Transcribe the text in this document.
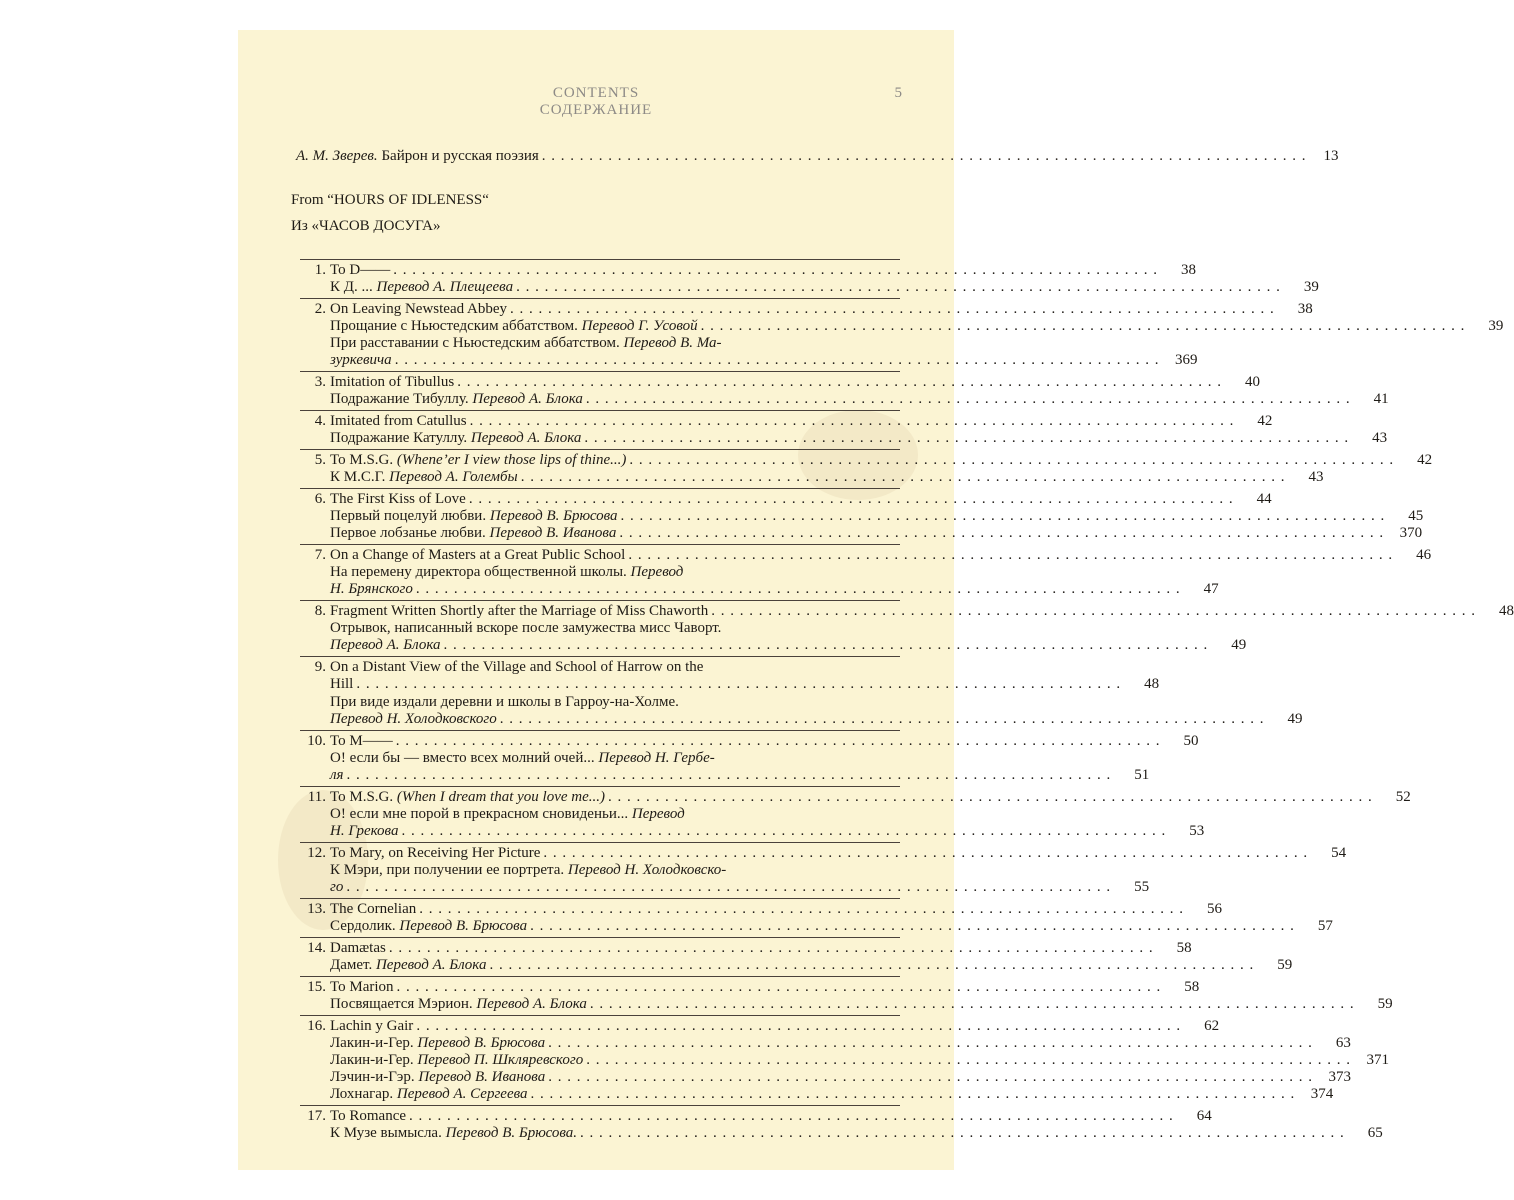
CONTENTS
СОДЕРЖАНИЕ
5
А. М. Зверев. Байрон и русская поэзия . . . . . . . . . . . . . . . . . . . . . . . . . . . . . . . . . . . . . . . . . . . . . . . . . . . . . . . . . . . . . . . . . . . . . . . . . . . . . . . . .	13
From “HOURS OF IDLENESS“
Из «ЧАСОВ ДОСУГА»
1. To D—— . . . . . . . . . . . . . . . . . . . . . . . . . . . . . . . . . . . . . . . . . . . . . . . . . . . . . . . . . . . . . . . . . . . . . . . . . . . . . . . . .	38
К Д. ... Перевод А. Плещеева . . . . . . . . . . . . . . . . . . . . . . . . . . . . . . . . . . . . . . . . . . . . . . . . . . . . . . . . . . . . . . . . . . . . . . . . . . . . . . . . .	39
2. On Leaving Newstead Abbey . . . . . . . . . . . . . . . . . . . . . . . . . . . . . . . . . . . . . . . . . . . . . . . . . . . . . . . . . . . . . . . . . . . . . . . . . . . . . . . . .	38
Прощание с Ньюстедским аббатством. Перевод Г. Усовой . . . . . . . . . . . . . . . . . . . . . . . . . . . . . . . . . . . . . . . . . . . . . . . . . . . . . . . . . . . . . . . . . . . . . . . . . . . . . . . . .	39
При расставании с Ньюстедским аббатством. Перевод В. Ма-
зуркевича . . . . . . . . . . . . . . . . . . . . . . . . . . . . . . . . . . . . . . . . . . . . . . . . . . . . . . . . . . . . . . . . . . . . . . . . . . . . . . . . .	369
3. Imitation of Tibullus . . . . . . . . . . . . . . . . . . . . . . . . . . . . . . . . . . . . . . . . . . . . . . . . . . . . . . . . . . . . . . . . . . . . . . . . . . . . . . . . .	40
Подражание Тибуллу. Перевод А. Блока . . . . . . . . . . . . . . . . . . . . . . . . . . . . . . . . . . . . . . . . . . . . . . . . . . . . . . . . . . . . . . . . . . . . . . . . . . . . . . . . .	41
4. Imitated from Catullus . . . . . . . . . . . . . . . . . . . . . . . . . . . . . . . . . . . . . . . . . . . . . . . . . . . . . . . . . . . . . . . . . . . . . . . . . . . . . . . . .	42
Подражание Катуллу. Перевод А. Блока . . . . . . . . . . . . . . . . . . . . . . . . . . . . . . . . . . . . . . . . . . . . . . . . . . . . . . . . . . . . . . . . . . . . . . . . . . . . . . . . .	43
5. To M.S.G. (Whene’er I view those lips of thine...) . . . . . . . . . . . . . . . . . . . . . . . . . . . . . . . . . . . . . . . . . . . . . . . . . . . . . . . . . . . . . . . . . . . . . . . . . . . . . . . . .	42
К М.С.Г. Перевод А. Голембы . . . . . . . . . . . . . . . . . . . . . . . . . . . . . . . . . . . . . . . . . . . . . . . . . . . . . . . . . . . . . . . . . . . . . . . . . . . . . . . . .	43
6. The First Kiss of Love . . . . . . . . . . . . . . . . . . . . . . . . . . . . . . . . . . . . . . . . . . . . . . . . . . . . . . . . . . . . . . . . . . . . . . . . . . . . . . . . .	44
Первый поцелуй любви. Перевод В. Брюсова . . . . . . . . . . . . . . . . . . . . . . . . . . . . . . . . . . . . . . . . . . . . . . . . . . . . . . . . . . . . . . . . . . . . . . . . . . . . . . . . .	45
Первое лобзанье любви. Перевод В. Иванова . . . . . . . . . . . . . . . . . . . . . . . . . . . . . . . . . . . . . . . . . . . . . . . . . . . . . . . . . . . . . . . . . . . . . . . . . . . . . . . . .	370
7. On a Change of Masters at a Great Public School . . . . . . . . . . . . . . . . . . . . . . . . . . . . . . . . . . . . . . . . . . . . . . . . . . . . . . . . . . . . . . . . . . . . . . . . . . . . . . . . .	46
На перемену директора общественной школы. Перевод
Н. Брянского . . . . . . . . . . . . . . . . . . . . . . . . . . . . . . . . . . . . . . . . . . . . . . . . . . . . . . . . . . . . . . . . . . . . . . . . . . . . . . . . .	47
8. Fragment Written Shortly after the Marriage of Miss Chaworth . . . . . . . . . . . . . . . . . . . . . . . . . . . . . . . . . . . . . . . . . . . . . . . . . . . . . . . . . . . . . . . . . . . . . . . . . . . . . . . . .	48
Отрывок, написанный вскоре после замужества мисс Чаворт.
Перевод А. Блока . . . . . . . . . . . . . . . . . . . . . . . . . . . . . . . . . . . . . . . . . . . . . . . . . . . . . . . . . . . . . . . . . . . . . . . . . . . . . . . . .	49
9. On a Distant View of the Village and School of Harrow on the
Hill . . . . . . . . . . . . . . . . . . . . . . . . . . . . . . . . . . . . . . . . . . . . . . . . . . . . . . . . . . . . . . . . . . . . . . . . . . . . . . . . .	48
При виде издали деревни и школы в Гарроу-на-Холме.
Перевод Н. Холодковского . . . . . . . . . . . . . . . . . . . . . . . . . . . . . . . . . . . . . . . . . . . . . . . . . . . . . . . . . . . . . . . . . . . . . . . . . . . . . . . . .	49
10. To M—— . . . . . . . . . . . . . . . . . . . . . . . . . . . . . . . . . . . . . . . . . . . . . . . . . . . . . . . . . . . . . . . . . . . . . . . . . . . . . . . . .	50
О! если бы — вместо всех молний очей... Перевод Н. Гербе-
ля . . . . . . . . . . . . . . . . . . . . . . . . . . . . . . . . . . . . . . . . . . . . . . . . . . . . . . . . . . . . . . . . . . . . . . . . . . . . . . . . .	51
11. To M.S.G. (When I dream that you love me...) . . . . . . . . . . . . . . . . . . . . . . . . . . . . . . . . . . . . . . . . . . . . . . . . . . . . . . . . . . . . . . . . . . . . . . . . . . . . . . . . .	52
О! если мне порой в прекрасном сновиденьи... Перевод
Н. Грекова . . . . . . . . . . . . . . . . . . . . . . . . . . . . . . . . . . . . . . . . . . . . . . . . . . . . . . . . . . . . . . . . . . . . . . . . . . . . . . . . .	53
12. To Mary, on Receiving Her Picture . . . . . . . . . . . . . . . . . . . . . . . . . . . . . . . . . . . . . . . . . . . . . . . . . . . . . . . . . . . . . . . . . . . . . . . . . . . . . . . . .	54
К Мэри, при получении ее портрета. Перевод Н. Холодковско-
го . . . . . . . . . . . . . . . . . . . . . . . . . . . . . . . . . . . . . . . . . . . . . . . . . . . . . . . . . . . . . . . . . . . . . . . . . . . . . . . . .	55
13. The Cornelian . . . . . . . . . . . . . . . . . . . . . . . . . . . . . . . . . . . . . . . . . . . . . . . . . . . . . . . . . . . . . . . . . . . . . . . . . . . . . . . . .	56
Сердолик. Перевод В. Брюсова . . . . . . . . . . . . . . . . . . . . . . . . . . . . . . . . . . . . . . . . . . . . . . . . . . . . . . . . . . . . . . . . . . . . . . . . . . . . . . . . .	57
14. Damætas . . . . . . . . . . . . . . . . . . . . . . . . . . . . . . . . . . . . . . . . . . . . . . . . . . . . . . . . . . . . . . . . . . . . . . . . . . . . . . . . .	58
Дамет. Перевод А. Блока . . . . . . . . . . . . . . . . . . . . . . . . . . . . . . . . . . . . . . . . . . . . . . . . . . . . . . . . . . . . . . . . . . . . . . . . . . . . . . . . .	59
15. To Marion . . . . . . . . . . . . . . . . . . . . . . . . . . . . . . . . . . . . . . . . . . . . . . . . . . . . . . . . . . . . . . . . . . . . . . . . . . . . . . . . .	58
Посвящается Мэрион. Перевод А. Блока . . . . . . . . . . . . . . . . . . . . . . . . . . . . . . . . . . . . . . . . . . . . . . . . . . . . . . . . . . . . . . . . . . . . . . . . . . . . . . . . .	59
16. Lachin y Gair . . . . . . . . . . . . . . . . . . . . . . . . . . . . . . . . . . . . . . . . . . . . . . . . . . . . . . . . . . . . . . . . . . . . . . . . . . . . . . . . .	62
Лакин-и-Гер. Перевод В. Брюсова . . . . . . . . . . . . . . . . . . . . . . . . . . . . . . . . . . . . . . . . . . . . . . . . . . . . . . . . . . . . . . . . . . . . . . . . . . . . . . . . .	63
Лакин-и-Гер. Перевод П. Шкляревского . . . . . . . . . . . . . . . . . . . . . . . . . . . . . . . . . . . . . . . . . . . . . . . . . . . . . . . . . . . . . . . . . . . . . . . . . . . . . . . . .	371
Лэчин-и-Гэр. Перевод В. Иванова . . . . . . . . . . . . . . . . . . . . . . . . . . . . . . . . . . . . . . . . . . . . . . . . . . . . . . . . . . . . . . . . . . . . . . . . . . . . . . . . .	373
Лохнагар. Перевод А. Сергеева . . . . . . . . . . . . . . . . . . . . . . . . . . . . . . . . . . . . . . . . . . . . . . . . . . . . . . . . . . . . . . . . . . . . . . . . . . . . . . . . .	374
17. To Romance . . . . . . . . . . . . . . . . . . . . . . . . . . . . . . . . . . . . . . . . . . . . . . . . . . . . . . . . . . . . . . . . . . . . . . . . . . . . . . . . .	64
К Музе вымысла. Перевод В. Брюсова. . . . . . . . . . . . . . . . . . . . . . . . . . . . . . . . . . . . . . . . . . . . . . . . . . . . . . . . . . . . . . . . . . . . . . . . . . . . . . . . . .	65
